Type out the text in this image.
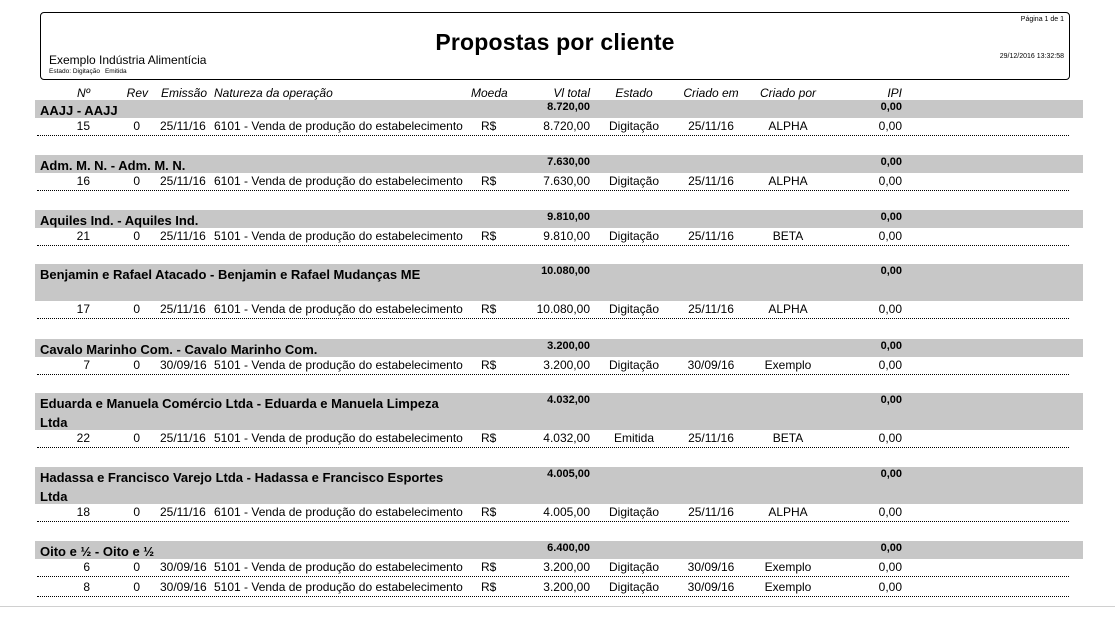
Página 1 de 1
Propostas por cliente
29/12/2016 13:32:58
Exemplo Indústria Alimentícia
Estado: Digitação Emitida
Nº	Rev Emissão Natureza da operação	Moeda	Vl total	Estado	Criado em	Criado por	IPI
AAJJ - AAJJ	8.720,00	0,00
15	0 25/11/16 6101 - Venda de produção do estabelecimento	R$	8.720,00	Digitação	25/11/16	ALPHA	0,00
Adm. M. N. - Adm. M. N.	7.630,00	0,00
16	0 25/11/16 6101 - Venda de produção do estabelecimento	R$	7.630,00	Digitação	25/11/16	ALPHA	0,00
Aquiles Ind. - Aquiles Ind.	9.810,00	0,00
21	0 25/11/16 5101 - Venda de produção do estabelecimento	R$	9.810,00	Digitação	25/11/16	BETA	0,00
Benjamin e Rafael Atacado - Benjamin e Rafael Mudanças ME	10.080,00	0,00
17	0 25/11/16 6101 - Venda de produção do estabelecimento	R$	10.080,00	Digitação	25/11/16	ALPHA	0,00
Cavalo Marinho Com. - Cavalo Marinho Com.	3.200,00	0,00
7	0 30/09/16 5101 - Venda de produção do estabelecimento	R$	3.200,00	Digitação	30/09/16	Exemplo	0,00
Eduarda e Manuela Comércio Ltda - Eduarda e Manuela Limpeza Ltda
4.032,00	0,00
22	0 25/11/16 5101 - Venda de produção do estabelecimento	R$	4.032,00	Emitida	25/11/16	BETA	0,00
Hadassa e Francisco Varejo Ltda - Hadassa e Francisco Esportes Ltda
4.005,00	0,00
18	0 25/11/16 6101 - Venda de produção do estabelecimento	R$	4.005,00	Digitação	25/11/16	ALPHA	0,00
Oito e ½ - Oito e ½	6.400,00	0,00
6	0 30/09/16 5101 - Venda de produção do estabelecimento	R$	3.200,00	Digitação	30/09/16	Exemplo	0,00
8	0 30/09/16 5101 - Venda de produção do estabelecimento	R$	3.200,00	Digitação	30/09/16	Exemplo	0,00
